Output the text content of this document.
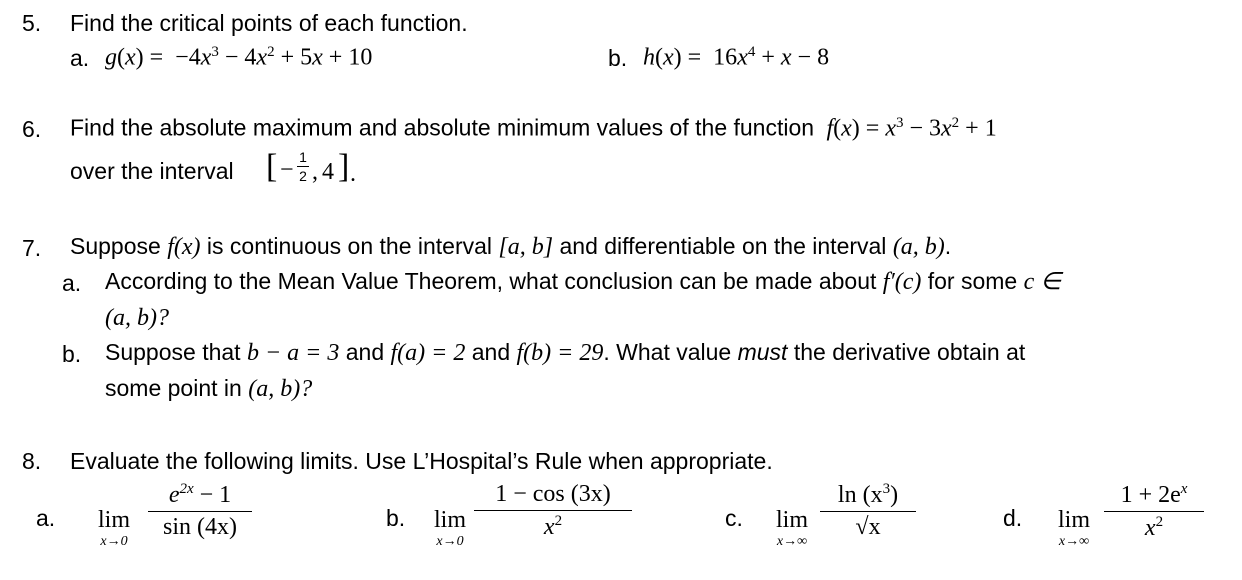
5. Find the critical points of each function.
a. $g(x) = -4x^3 - 4x^2 + 5x + 10$	b. $h(x) = 16x^4 + x - 8$
6. Find the absolute maximum and absolute minimum values of the function  $f(x) = x^3 - 3x^2 + 1$
over the interval [ − 1
2 , 4 ] .
7. Suppose f(x) is continuous on the interval [a, b] and differentiable on the interval (a, b).
a. According to the Mean Value Theorem, what conclusion can be made about f′(c) for some c ∈
(a, b)?
b. Suppose that b − a = 3 and f(a) = 2 and f(b) = 29. What value must the derivative obtain at
some point in (a, b)?
8. Evaluate the following limits. Use L’Hospital’s Rule when appropriate.
a. lim
x→0
$e^{2x} - 1$
sin (4x)	b. lim
x→0
1 − cos (3x)
$x^2$	c. lim
x→∞
$\ln (x^3)$
√x	d. lim
x→∞
$1 + 2e^x$
$x^2$
